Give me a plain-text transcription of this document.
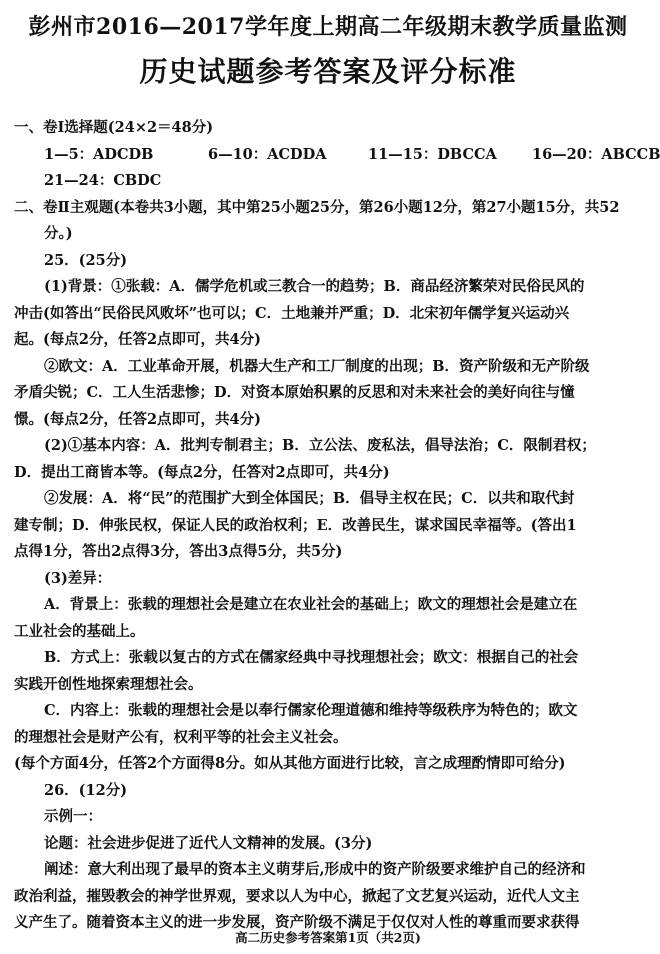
彭州市2016—2017学年度上期高二年级期末教学质量监测
历史试题参考答案及评分标准
一、卷Ⅰ选择题(24×2＝48分)
1—5：ADCDB	6—10：ACDDA	11—15：DBCCA 16—20：ABCCB
21—24：CBDC
二、卷Ⅱ主观题(本卷共3小题，其中第25小题25分，第26小题12分，第27小题15分，共52
分。)
25．(25分)
(1)背景：①张载：A．儒学危机或三教合一的趋势；B．商品经济繁荣对民俗民风的
冲击(如答出“民俗民风败坏”也可以；C．土地兼并严重；D．北宋初年儒学复兴运动兴
起。(每点2分，任答2点即可，共4分)
②欧文：A．工业革命开展，机器大生产和工厂制度的出现；B．资产阶级和无产阶级
矛盾尖锐；C．工人生活悲惨；D．对资本原始积累的反思和对未来社会的美好向往与憧
憬。(每点2分，任答2点即可，共4分)
(2)①基本内容：A．批判专制君主；B．立公法、废私法，倡导法治；C．限制君权；
D．提出工商皆本等。(每点2分，任答对2点即可，共4分)
②发展：A．将“民”的范围扩大到全体国民；B．倡导主权在民；C．以共和取代封
建专制；D．伸张民权，保证人民的政治权利；E．改善民生，谋求国民幸福等。(答出1
点得1分，答出2点得3分，答出3点得5分，共5分)
(3)差异：
A．背景上：张载的理想社会是建立在农业社会的基础上；欧文的理想社会是建立在
工业社会的基础上。
B．方式上：张载以复古的方式在儒家经典中寻找理想社会；欧文：根据自己的社会
实践开创性地探索理想社会。
C．内容上：张载的理想社会是以奉行儒家伦理道德和维持等级秩序为特色的；欧文
的理想社会是财产公有，权利平等的社会主义社会。
(每个方面4分，任答2个方面得8分。如从其他方面进行比较，言之成理酌情即可给分)
26．(12分)
示例一：
论题：社会进步促进了近代人文精神的发展。(3分)
阐述：意大利出现了最早的资本主义萌芽后,形成中的资产阶级要求维护自己的经济和
政治利益，摧毁教会的神学世界观，要求以人为中心，掀起了文艺复兴运动，近代人文主
义产生了。随着资本主义的进一步发展，资产阶级不满足于仅仅对人性的尊重而要求获得
高二历史参考答案第1页（共2页)
